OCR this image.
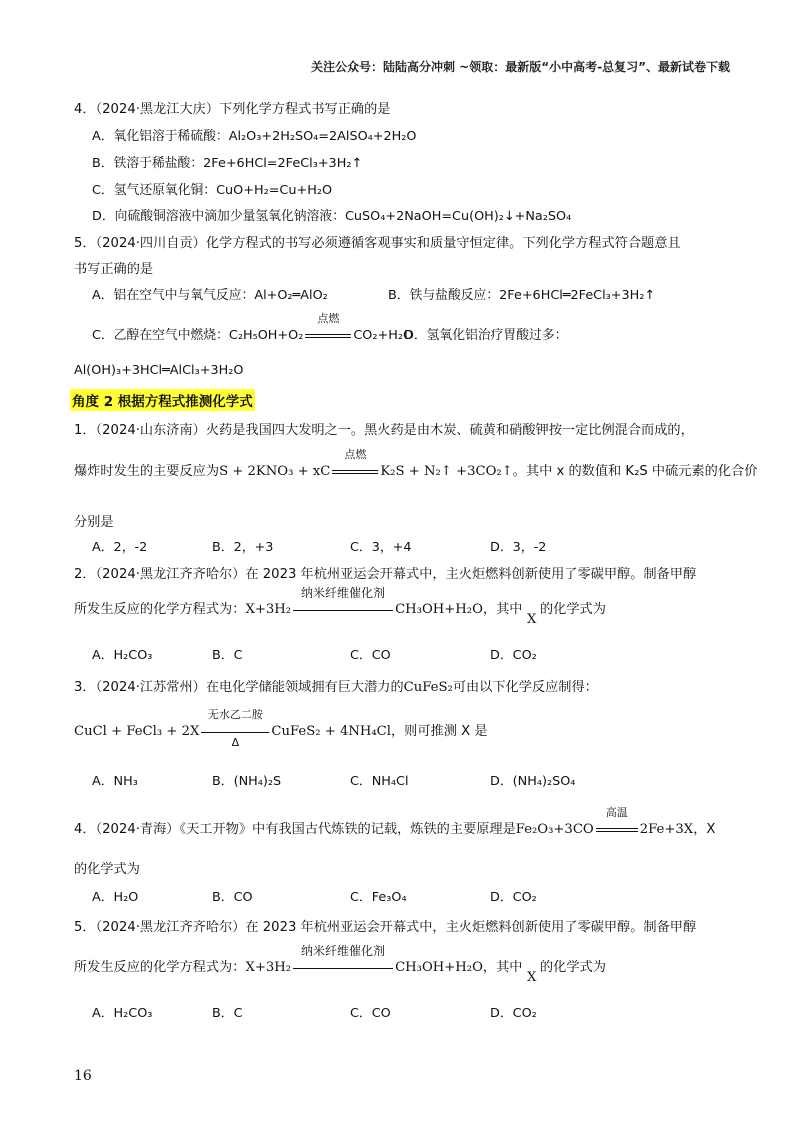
关注公众号：陆陆高分冲刺 ~领取：最新版“小中高考-总复习”、最新试卷下载
4．（2024·黑龙江大庆）下列化学方程式书写正确的是
A．氧化铝溶于稀硫酸：Al₂O₃+2H₂SO₄=2AlSO₄+2H₂O
B．铁溶于稀盐酸：2Fe+6HCl=2FeCl₃+3H₂↑
C．氢气还原氧化铜：CuO+H₂=Cu+H₂O
D．向硫酸铜溶液中滴加少量氢氧化钠溶液：CuSO₄+2NaOH=Cu(OH)₂↓+Na₂SO₄
5．（2024·四川自贡）化学方程式的书写必须遵循客观事实和质量守恒定律。下列化学方程式符合题意且
书写正确的是
A．铝在空气中与氧气反应：Al+O₂═AlO₂	B．铁与盐酸反应：2Fe+6HCl═2FeCl₃+3H₂↑
C．乙醇在空气中燃烧：C₂H₅OH+O₂
点燃
CO₂+H₂O
D．氢氧化铝治疗胃酸过多：
Al(OH)₃+3HCl═AlCl₃+3H₂O
角度 2 根据方程式推测化学式
1．（2024·山东济南）火药是我国四大发明之一。黑火药是由木炭、硫黄和硝酸钾按一定比例混合而成的，
爆炸时发生的主要反应为S + 2KNO₃ + xC
点燃
K₂S + N₂↑ +3CO₂↑。其中 x 的数值和 K₂S 中硫元素的化合价
分别是
A．2，-2	B．2，+3	C．3，+4	D．3，-2
2．（2024·黑龙江齐齐哈尔）在 2023 年杭州亚运会开幕式中，主火炬燃料创新使用了零碳甲醇。制备甲醇
所发生反应的化学方程式为：X+3H₂
纳米纤维催化剂
CH₃OH+H₂O，其中
X
的化学式为
A．H₂CO₃	B．C	C．CO	D．CO₂
3．（2024·江苏常州）在电化学储能领域拥有巨大潜力的CuFeS₂可由以下化学反应制得：
CuCl + FeCl₃ + 2X
无水乙二胺
Δ
CuFeS₂ + 4NH₄Cl，则可推测 X 是
A．NH₃	B．(NH₄)₂S	C．NH₄Cl	D．(NH₄)₂SO₄
4．（2024·青海）《天工开物》中有我国古代炼铁的记载，炼铁的主要原理是Fe₂O₃+3CO
高温
2Fe+3X，X
的化学式为
A．H₂O	B．CO	C．Fe₃O₄	D．CO₂
5．（2024·黑龙江齐齐哈尔）在 2023 年杭州亚运会开幕式中，主火炬燃料创新使用了零碳甲醇。制备甲醇
所发生反应的化学方程式为：X+3H₂
纳米纤维催化剂
CH₃OH+H₂O，其中
X
的化学式为
A．H₂CO₃	B．C	C．CO	D．CO₂
16
